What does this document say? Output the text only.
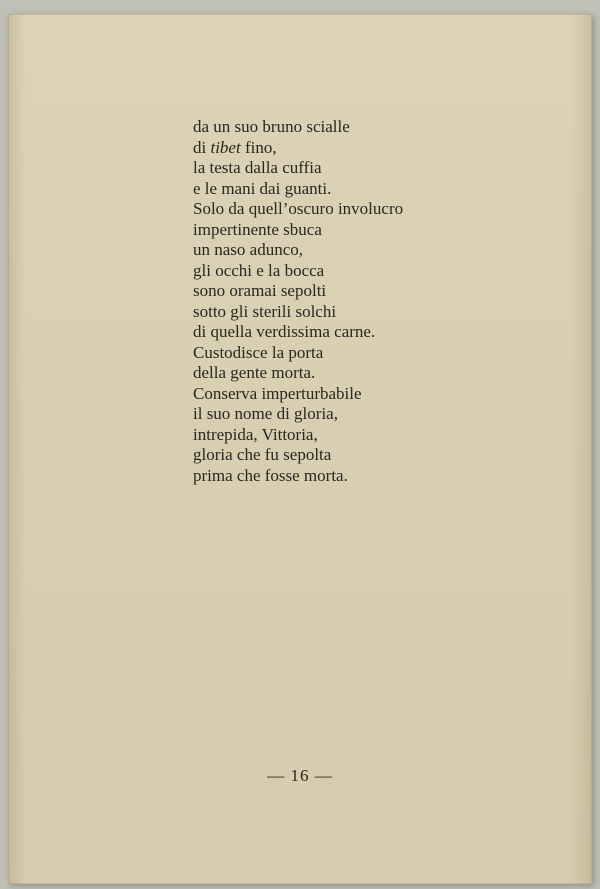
da un suo bruno scialle
di tibet fino,
la testa dalla cuffia
e le mani dai guanti.
Solo da quell’oscuro involucro
impertinente sbuca
un naso adunco,
gli occhi e la bocca
sono oramai sepolti
sotto gli sterili solchi
di quella verdissima carne.
Custodisce la porta
della gente morta.
Conserva imperturbabile
il suo nome di gloria,
intrepida, Vittoria,
gloria che fu sepolta
prima che fosse morta.
— 16 —
